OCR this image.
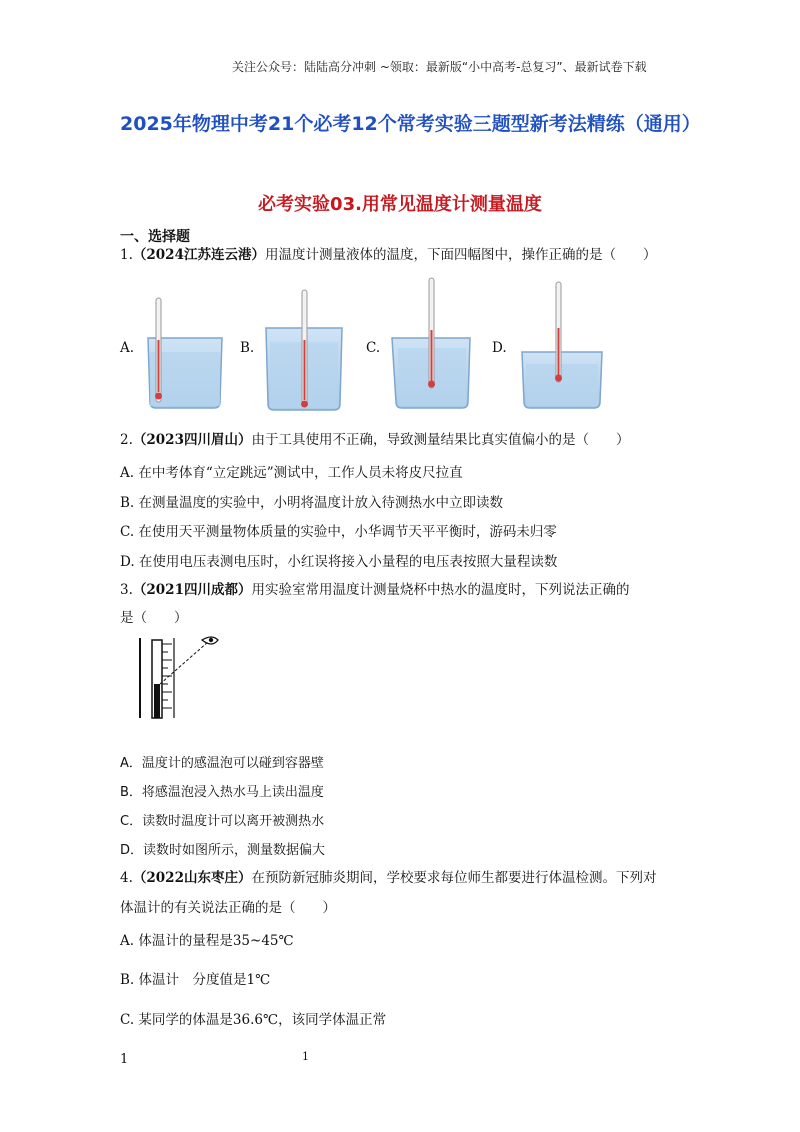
关注公众号：陆陆高分冲刺 ~领取：最新版“小中高考-总复习”、最新试卷下载
2025年物理中考21个必考12个常考实验三题型新考法精练（通用）
必考实验03.用常见温度计测量温度
一、选择题
1.（2024江苏连云港）用温度计测量液体的温度，下面四幅图中，操作正确的是（　　）
A.	B.	C.	D.
2.（2023四川眉山）由于工具使用不正确，导致测量结果比真实值偏小的是（　　）
A. 在中考体育“立定跳远”测试中，工作人员未将皮尺拉直
B. 在测量温度的实验中，小明将温度计放入待测热水中立即读数
C. 在使用天平测量物体质量的实验中，小华调节天平平衡时，游码未归零
D. 在使用电压表测电压时，小红误将接入小量程的电压表按照大量程读数
3.（2021四川成都）用实验室常用温度计测量烧杯中热水的温度时，下列说法正确的
是（　　）
A．温度计的感温泡可以碰到容器壁
B．将感温泡浸入热水马上读出温度
C．读数时温度计可以离开被测热水
D．读数时如图所示，测量数据偏大
4.（2022山东枣庄）在预防新冠肺炎期间，学校要求每位师生都要进行体温检测。下列对
体温计的有关说法正确的是（　　）
A. 体温计的量程是35~45℃
B. 体温计　分度值是1℃
C. 某同学的体温是36.6℃，该同学体温正常
1	1
